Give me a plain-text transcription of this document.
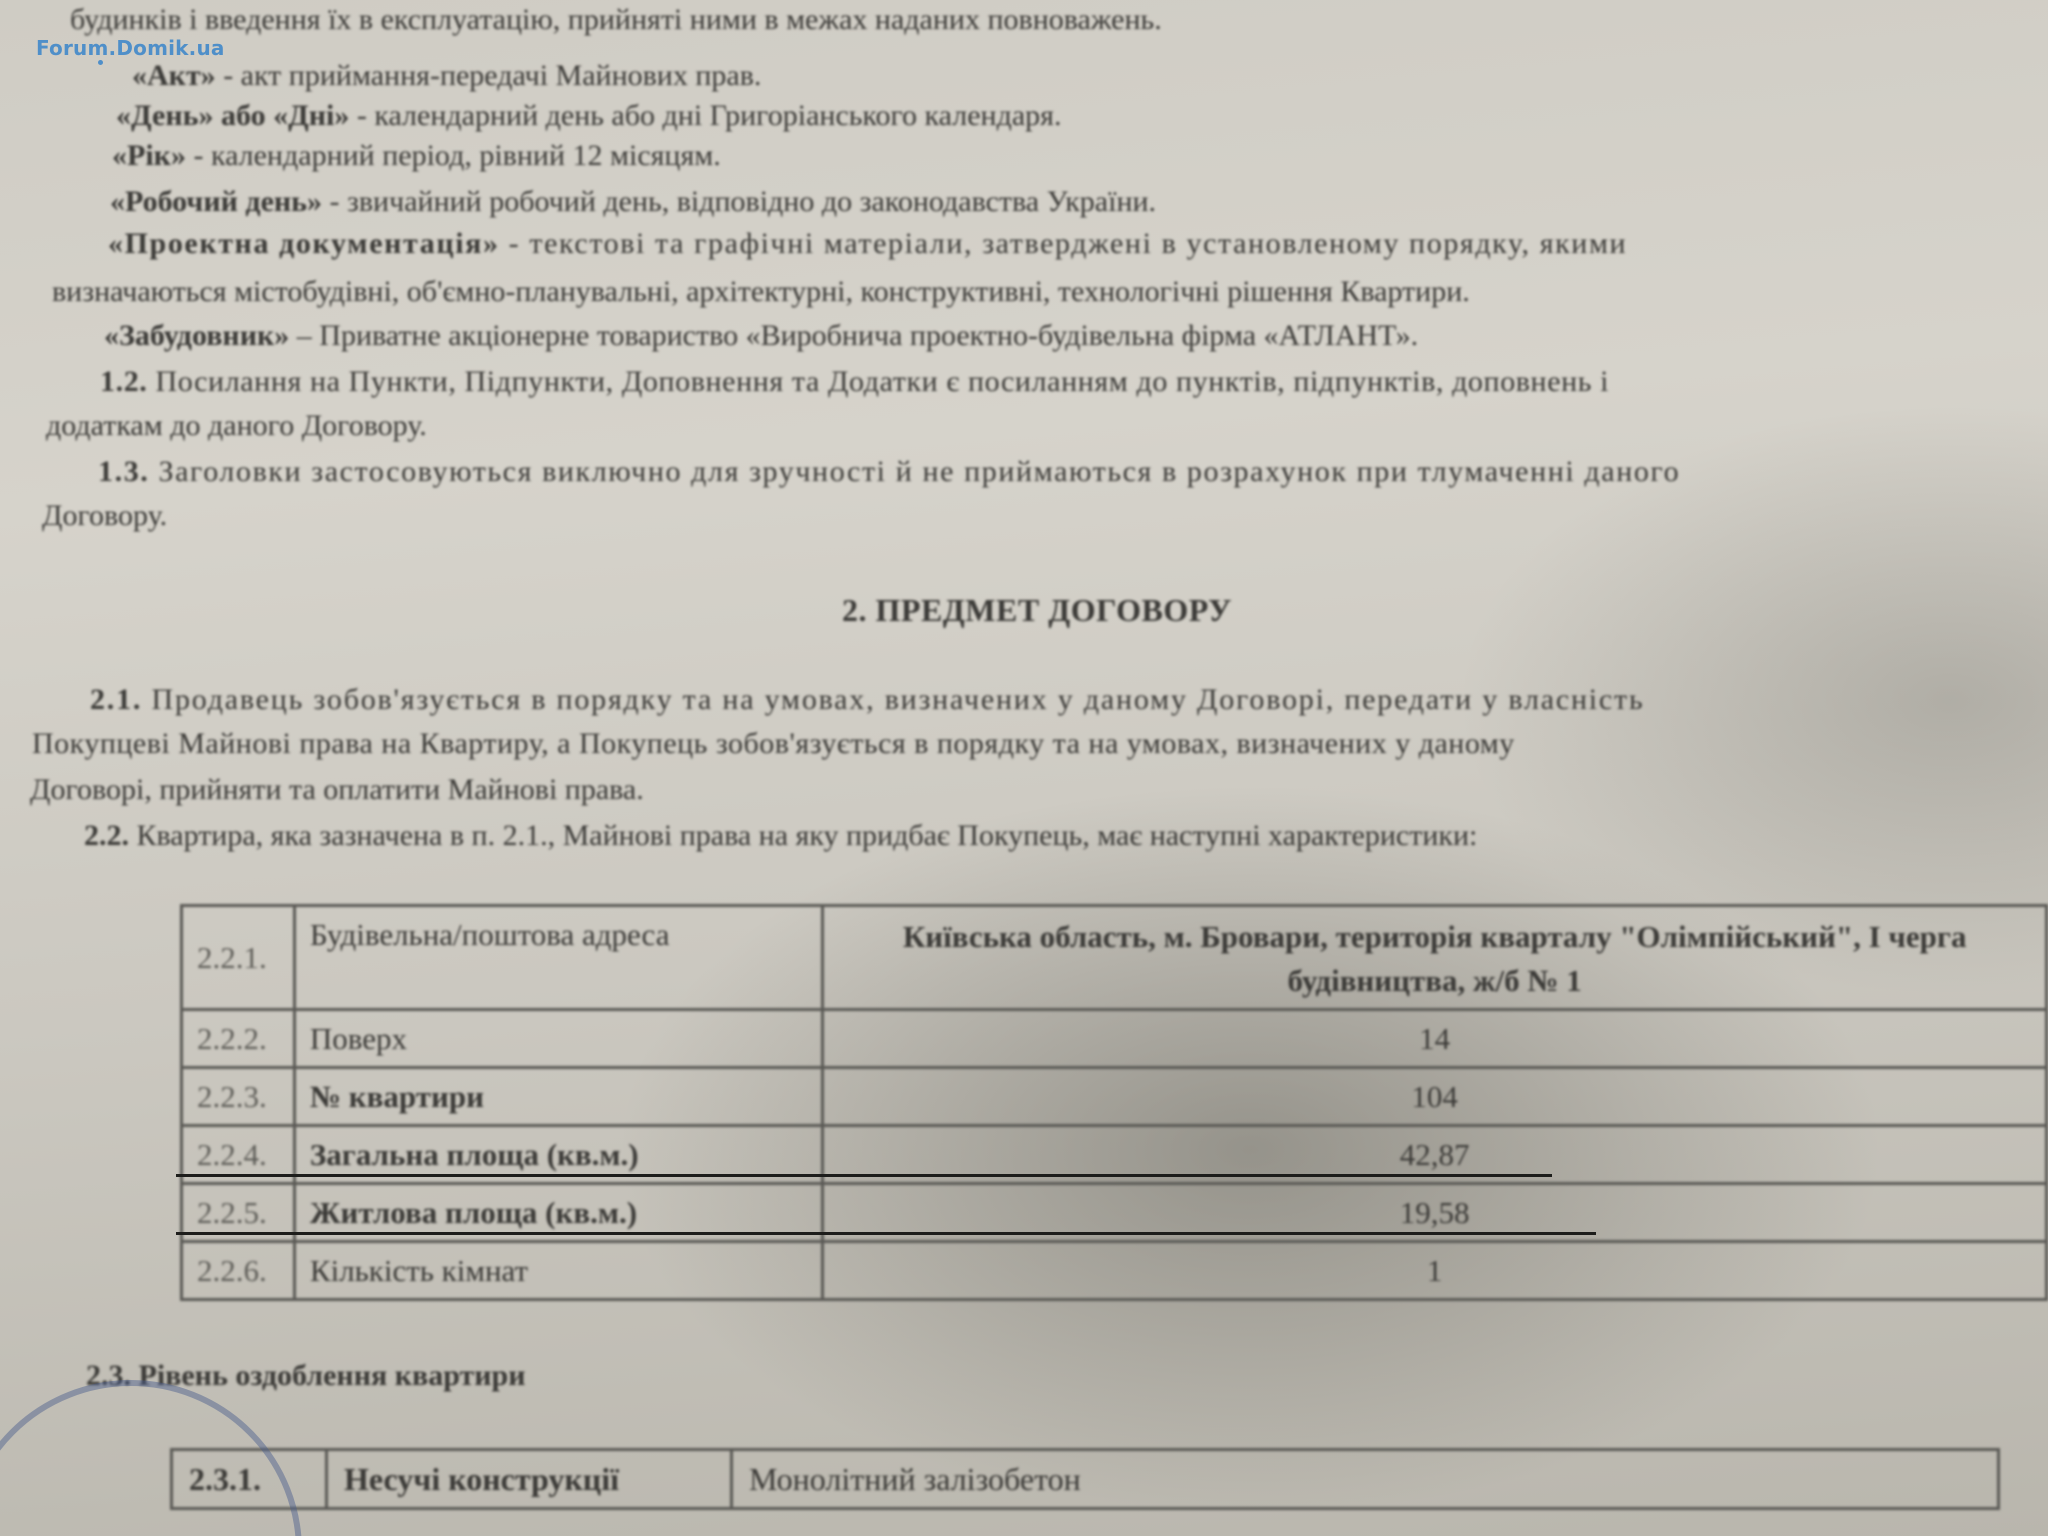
Forum.Domik.ua
будинків і введення їх в експлуатацію, прийняті ними в межах наданих повноважень.
«Акт» - акт приймання-передачі Майнових прав.
«День» або «Дні» - календарний день або дні Григоріанського календаря.
«Рік» - календарний період, рівний 12 місяцям.
«Робочий день» - звичайний робочий день, відповідно до законодавства України.
«Проектна документація» - текстові та графічні матеріали, затверджені в установленому порядку, якими
визначаються містобудівні, об'ємно-планувальні, архітектурні, конструктивні, технологічні рішення Квартири.
«Забудовник» – Приватне акціонерне товариство «Виробнича проектно-будівельна фірма «АТЛАНТ».
1.2. Посилання на Пункти, Підпункти, Доповнення та Додатки є посиланням до пунктів, підпунктів, доповнень і
додаткам до даного Договору.
1.3. Заголовки застосовуються виключно для зручності й не приймаються в розрахунок при тлумаченні даного
Договору.
2. ПРЕДМЕТ ДОГОВОРУ
2.1. Продавець зобов'язується в порядку та на умовах, визначених у даному Договорі, передати у власність
Покупцеві Майнові права на Квартиру, а Покупець зобов'язується в порядку та на умовах, визначених у даному
Договорі, прийняти та оплатити Майнові права.
2.2. Квартира, яка зазначена в п. 2.1., Майнові права на яку придбає Покупець, має наступні характеристики:
2.2.1.	Будівельна/поштова адреса	Київська область, м. Бровари, територія кварталу "Олімпійський", І черга будівництва, ж/б № 1
2.2.2.	Поверх	14
2.2.3.	№ квартири	104
2.2.4.	Загальна площа (кв.м.)	42,87
2.2.5.	Житлова площа (кв.м.)	19,58
2.2.6.	Кількість кімнат	1
2.3. Рівень оздоблення квартири
2.3.1.	Несучі конструкції	Монолітний залізобетон
